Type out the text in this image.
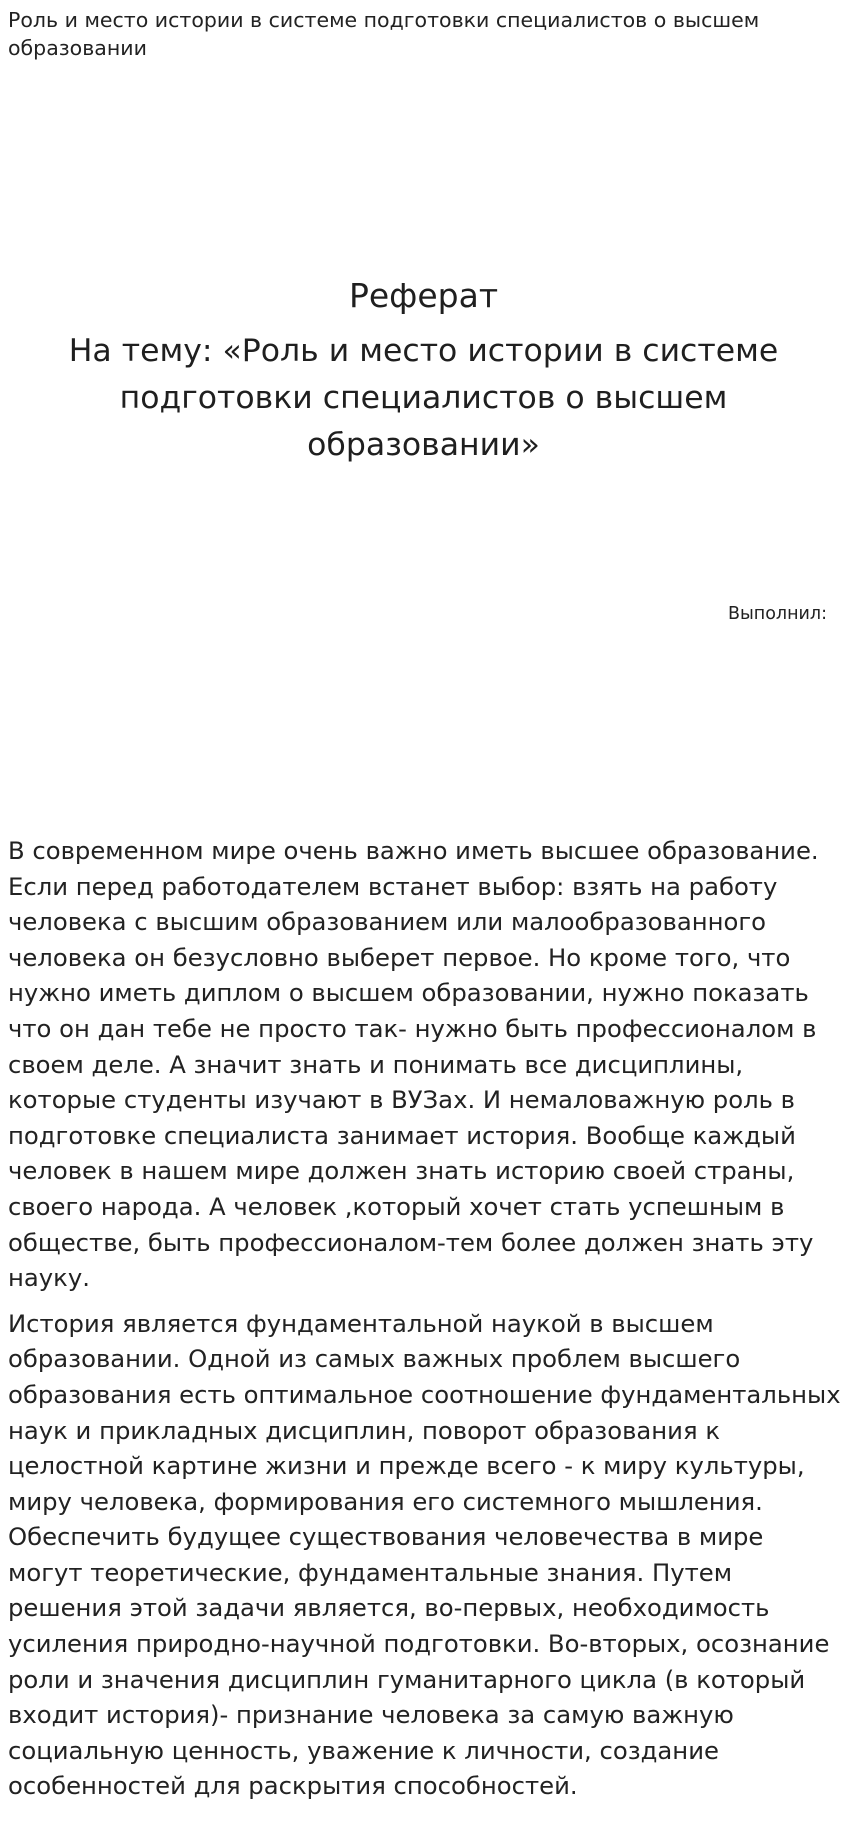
Роль и место истории в системе подготовки специалистов о высшем образовании
Реферат
На тему: «Роль и место истории в системе подготовки специалистов о высшем образовании»
Выполнил:

В современном мире очень важно иметь высшее образование. Если перед работодателем встанет выбор: взять на работу человека с высшим образованием или малообразованного человека он безусловно выберет первое. Но кроме того, что нужно иметь диплом о высшем образовании, нужно показать что он дан тебе не просто так- нужно быть профессионалом в своем деле. А значит знать и понимать все дисциплины, которые студенты изучают в ВУЗах. И немаловажную роль в подготовке специалиста занимает история. Вообще каждый человек в нашем мире должен знать историю своей страны, своего народа. А человек ,который хочет стать успешным в обществе, быть профессионалом-тем более должен знать эту науку.

История является фундаментальной наукой в высшем образовании. Одной из самых важных проблем высшего образования есть оптимальное соотношение фундаментальных наук и прикладных дисциплин, поворот образования к целостной картине жизни и прежде всего - к миру культуры, миру человека, формирования его системного мышления. Обеспечить будущее существования человечества в мире могут теоретические, фундаментальные знания. Путем решения этой задачи является, во-первых, необходимость усиления природно-научной подготовки. Во-вторых, осознание роли и значения дисциплин гуманитарного цикла (в который входит история)- признание человека за самую важную социальную ценность, уважение к личности, создание особенностей для раскрытия способностей.
